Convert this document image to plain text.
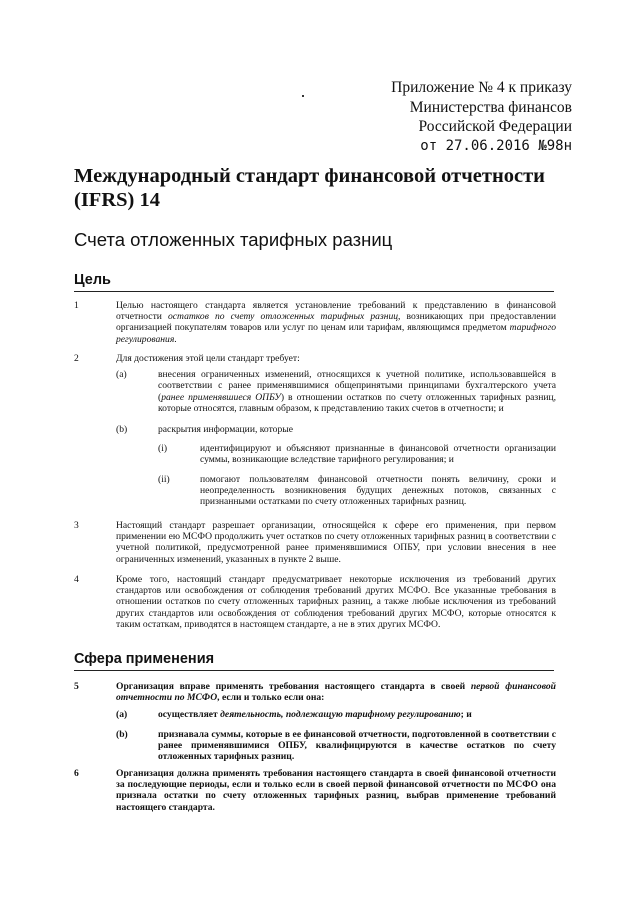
Приложение № 4 к приказу
Министерства финансов
Российской Федерации
от 27.06.2016 №98н
Международный стандарт финансовой отчетности (IFRS) 14
Счета отложенных тарифных разниц
Цель
1	Целью настоящего стандарта является установление требований к представлению в финансовой отчетности остатков по счету отложенных тарифных разниц, возникающих при предоставлении организацией покупателям товаров или услуг по ценам или тарифам, являющимся предметом тарифного регулирования.
2	Для достижения этой цели стандарт требует:
(a)	внесения ограниченных изменений, относящихся к учетной политике, использовавшейся в соответствии с ранее применявшимися общепринятыми принципами бухгалтерского учета (ранее применявшиеся ОПБУ) в отношении остатков по счету отложенных тарифных разниц, которые относятся, главным образом, к представлению таких счетов в отчетности; и
(b)	раскрытия информации, которые
(i)	идентифицируют и объясняют признанные в финансовой отчетности организации суммы, возникающие вследствие тарифного регулирования; и
(ii)	помогают пользователям финансовой отчетности понять величину, сроки и неопределенность возникновения будущих денежных потоков, связанных с признанными остатками по счету отложенных тарифных разниц.
3	Настоящий стандарт разрешает организации, относящейся к сфере его применения, при первом применении ею МСФО продолжить учет остатков по счету отложенных тарифных разниц в соответствии с учетной политикой, предусмотренной ранее применявшимися ОПБУ, при условии внесения в нее ограниченных изменений, указанных в пункте 2 выше.
4	Кроме того, настоящий стандарт предусматривает некоторые исключения из требований других стандартов или освобождения от соблюдения требований других МСФО. Все указанные требования в отношении остатков по счету отложенных тарифных разниц, а также любые исключения из требований других стандартов или освобождения от соблюдения требований других МСФО, которые относятся к таким остаткам, приводятся в настоящем стандарте, а не в этих других МСФО.
Сфера применения
5	Организация вправе применять требования настоящего стандарта в своей первой финансовой отчетности по МСФО, если и только если она:
(a)	осуществляет деятельность, подлежащую тарифному регулированию; и
(b)	признавала суммы, которые в ее финансовой отчетности, подготовленной в соответствии с ранее применявшимися ОПБУ, квалифицируются в качестве остатков по счету отложенных тарифных разниц.
6	Организация должна применять требования настоящего стандарта в своей финансовой отчетности за последующие периоды, если и только если в своей первой финансовой отчетности по МСФО она признала остатки по счету отложенных тарифных разниц, выбрав применение требований настоящего стандарта.
